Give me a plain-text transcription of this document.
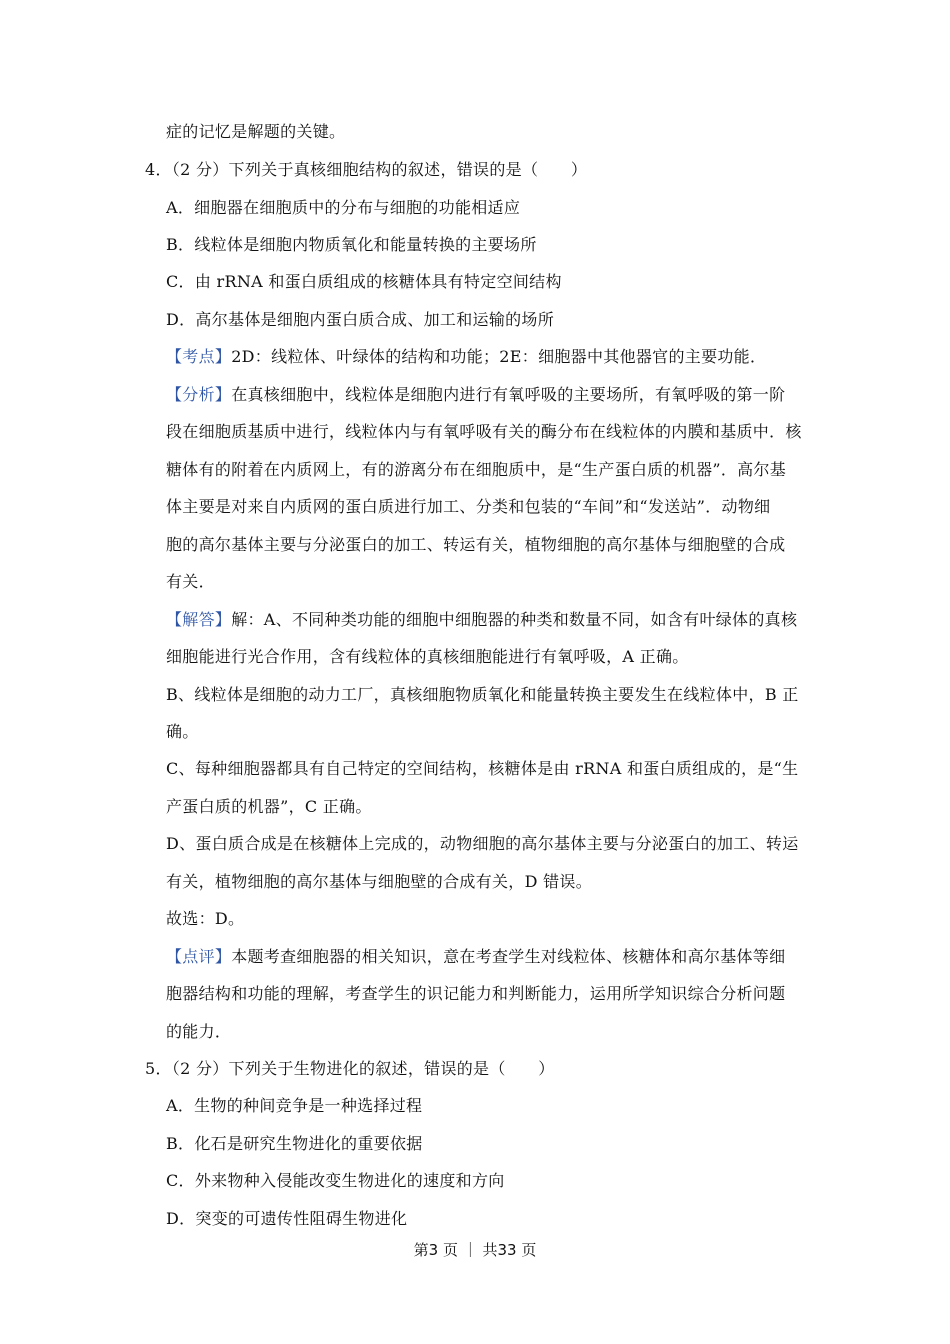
症的记忆是解题的关键。
4．（2 分）下列关于真核细胞结构的叙述，错误的是（　　）
A．细胞器在细胞质中的分布与细胞的功能相适应
B．线粒体是细胞内物质氧化和能量转换的主要场所
C．由 rRNA 和蛋白质组成的核糖体具有特定空间结构
D．高尔基体是细胞内蛋白质合成、加工和运输的场所
【考点】2D：线粒体、叶绿体的结构和功能；2E：细胞器中其他器官的主要功能．
【分析】在真核细胞中，线粒体是细胞内进行有氧呼吸的主要场所，有氧呼吸的第一阶
段在细胞质基质中进行，线粒体内与有氧呼吸有关的酶分布在线粒体的内膜和基质中．核
糖体有的附着在内质网上，有的游离分布在细胞质中，是“生产蛋白质的机器”．高尔基
体主要是对来自内质网的蛋白质进行加工、分类和包装的“车间”和“发送站”．动物细
胞的高尔基体主要与分泌蛋白的加工、转运有关，植物细胞的高尔基体与细胞壁的合成
有关．
【解答】解：A、不同种类功能的细胞中细胞器的种类和数量不同，如含有叶绿体的真核
细胞能进行光合作用，含有线粒体的真核细胞能进行有氧呼吸，A 正确。
B、线粒体是细胞的动力工厂，真核细胞物质氧化和能量转换主要发生在线粒体中，B 正
确。
C、每种细胞器都具有自己特定的空间结构，核糖体是由 rRNA 和蛋白质组成的，是“生
产蛋白质的机器”，C 正确。
D、蛋白质合成是在核糖体上完成的，动物细胞的高尔基体主要与分泌蛋白的加工、转运
有关，植物细胞的高尔基体与细胞壁的合成有关，D 错误。
故选：D。
【点评】本题考查细胞器的相关知识，意在考查学生对线粒体、核糖体和高尔基体等细
胞器结构和功能的理解，考查学生的识记能力和判断能力，运用所学知识综合分析问题
的能力．
5．（2 分）下列关于生物进化的叙述，错误的是（　　）
A．生物的种间竞争是一种选择过程
B．化石是研究生物进化的重要依据
C．外来物种入侵能改变生物进化的速度和方向
D．突变的可遗传性阻碍生物进化
第3 页 ｜ 共33 页
